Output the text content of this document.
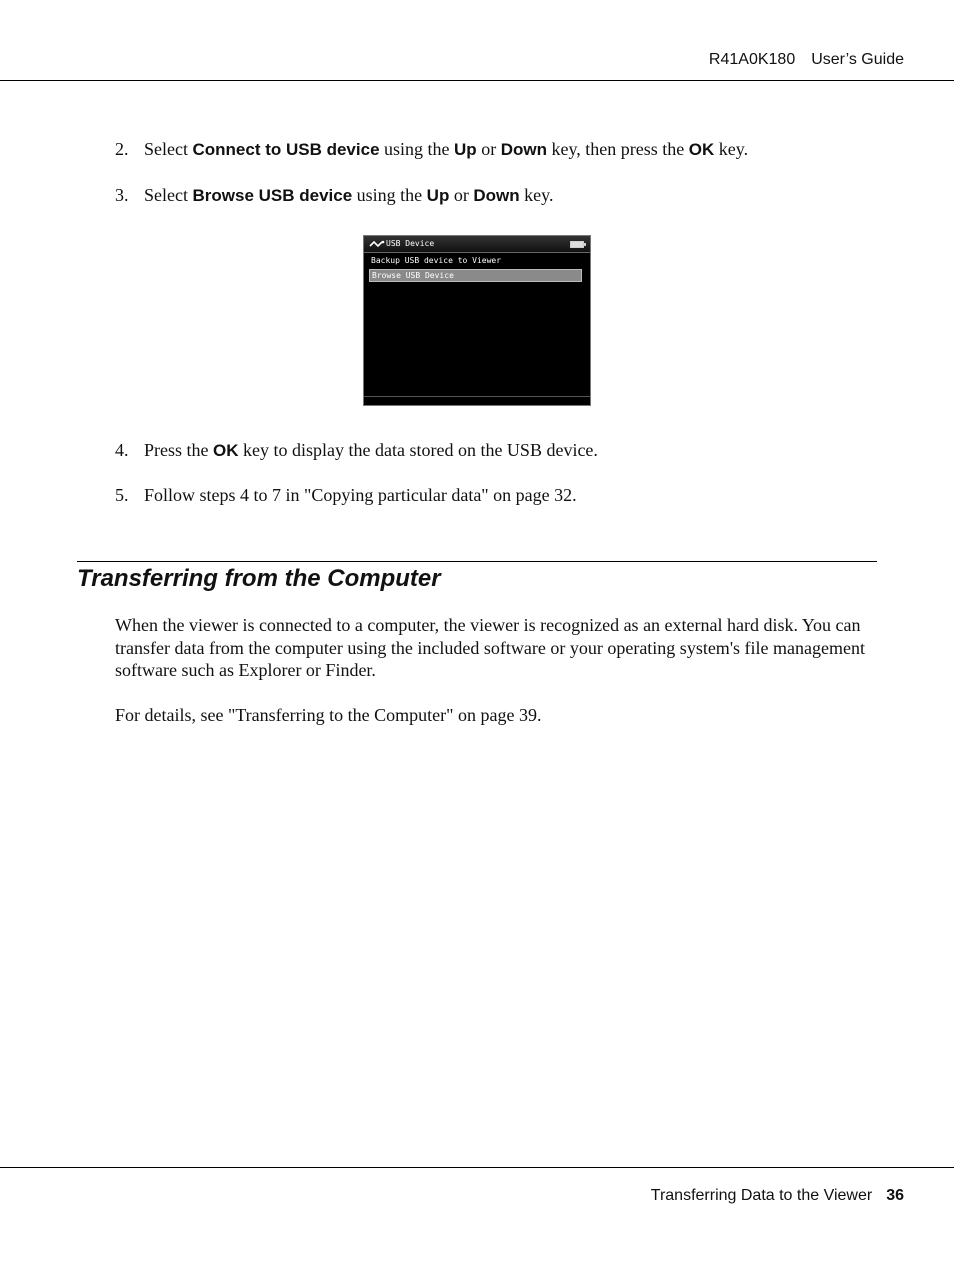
R41A0K180 User’s Guide
2. Select Connect to USB device using the Up or Down key, then press the OK key.
3. Select Browse USB device using the Up or Down key.
USB Device
Backup USB device to Viewer
Browse USB Device
4. Press the OK key to display the data stored on the USB device.
5. Follow steps 4 to 7 in "Copying particular data" on page 32.
Transferring from the Computer

When the viewer is connected to a computer, the viewer is recognized as an external hard disk. You can transfer data from the computer using the included software or your operating system's file management software such as Explorer or Finder.

For details, see "Transferring to the Computer" on page 39.

Transferring Data to the Viewer 36
